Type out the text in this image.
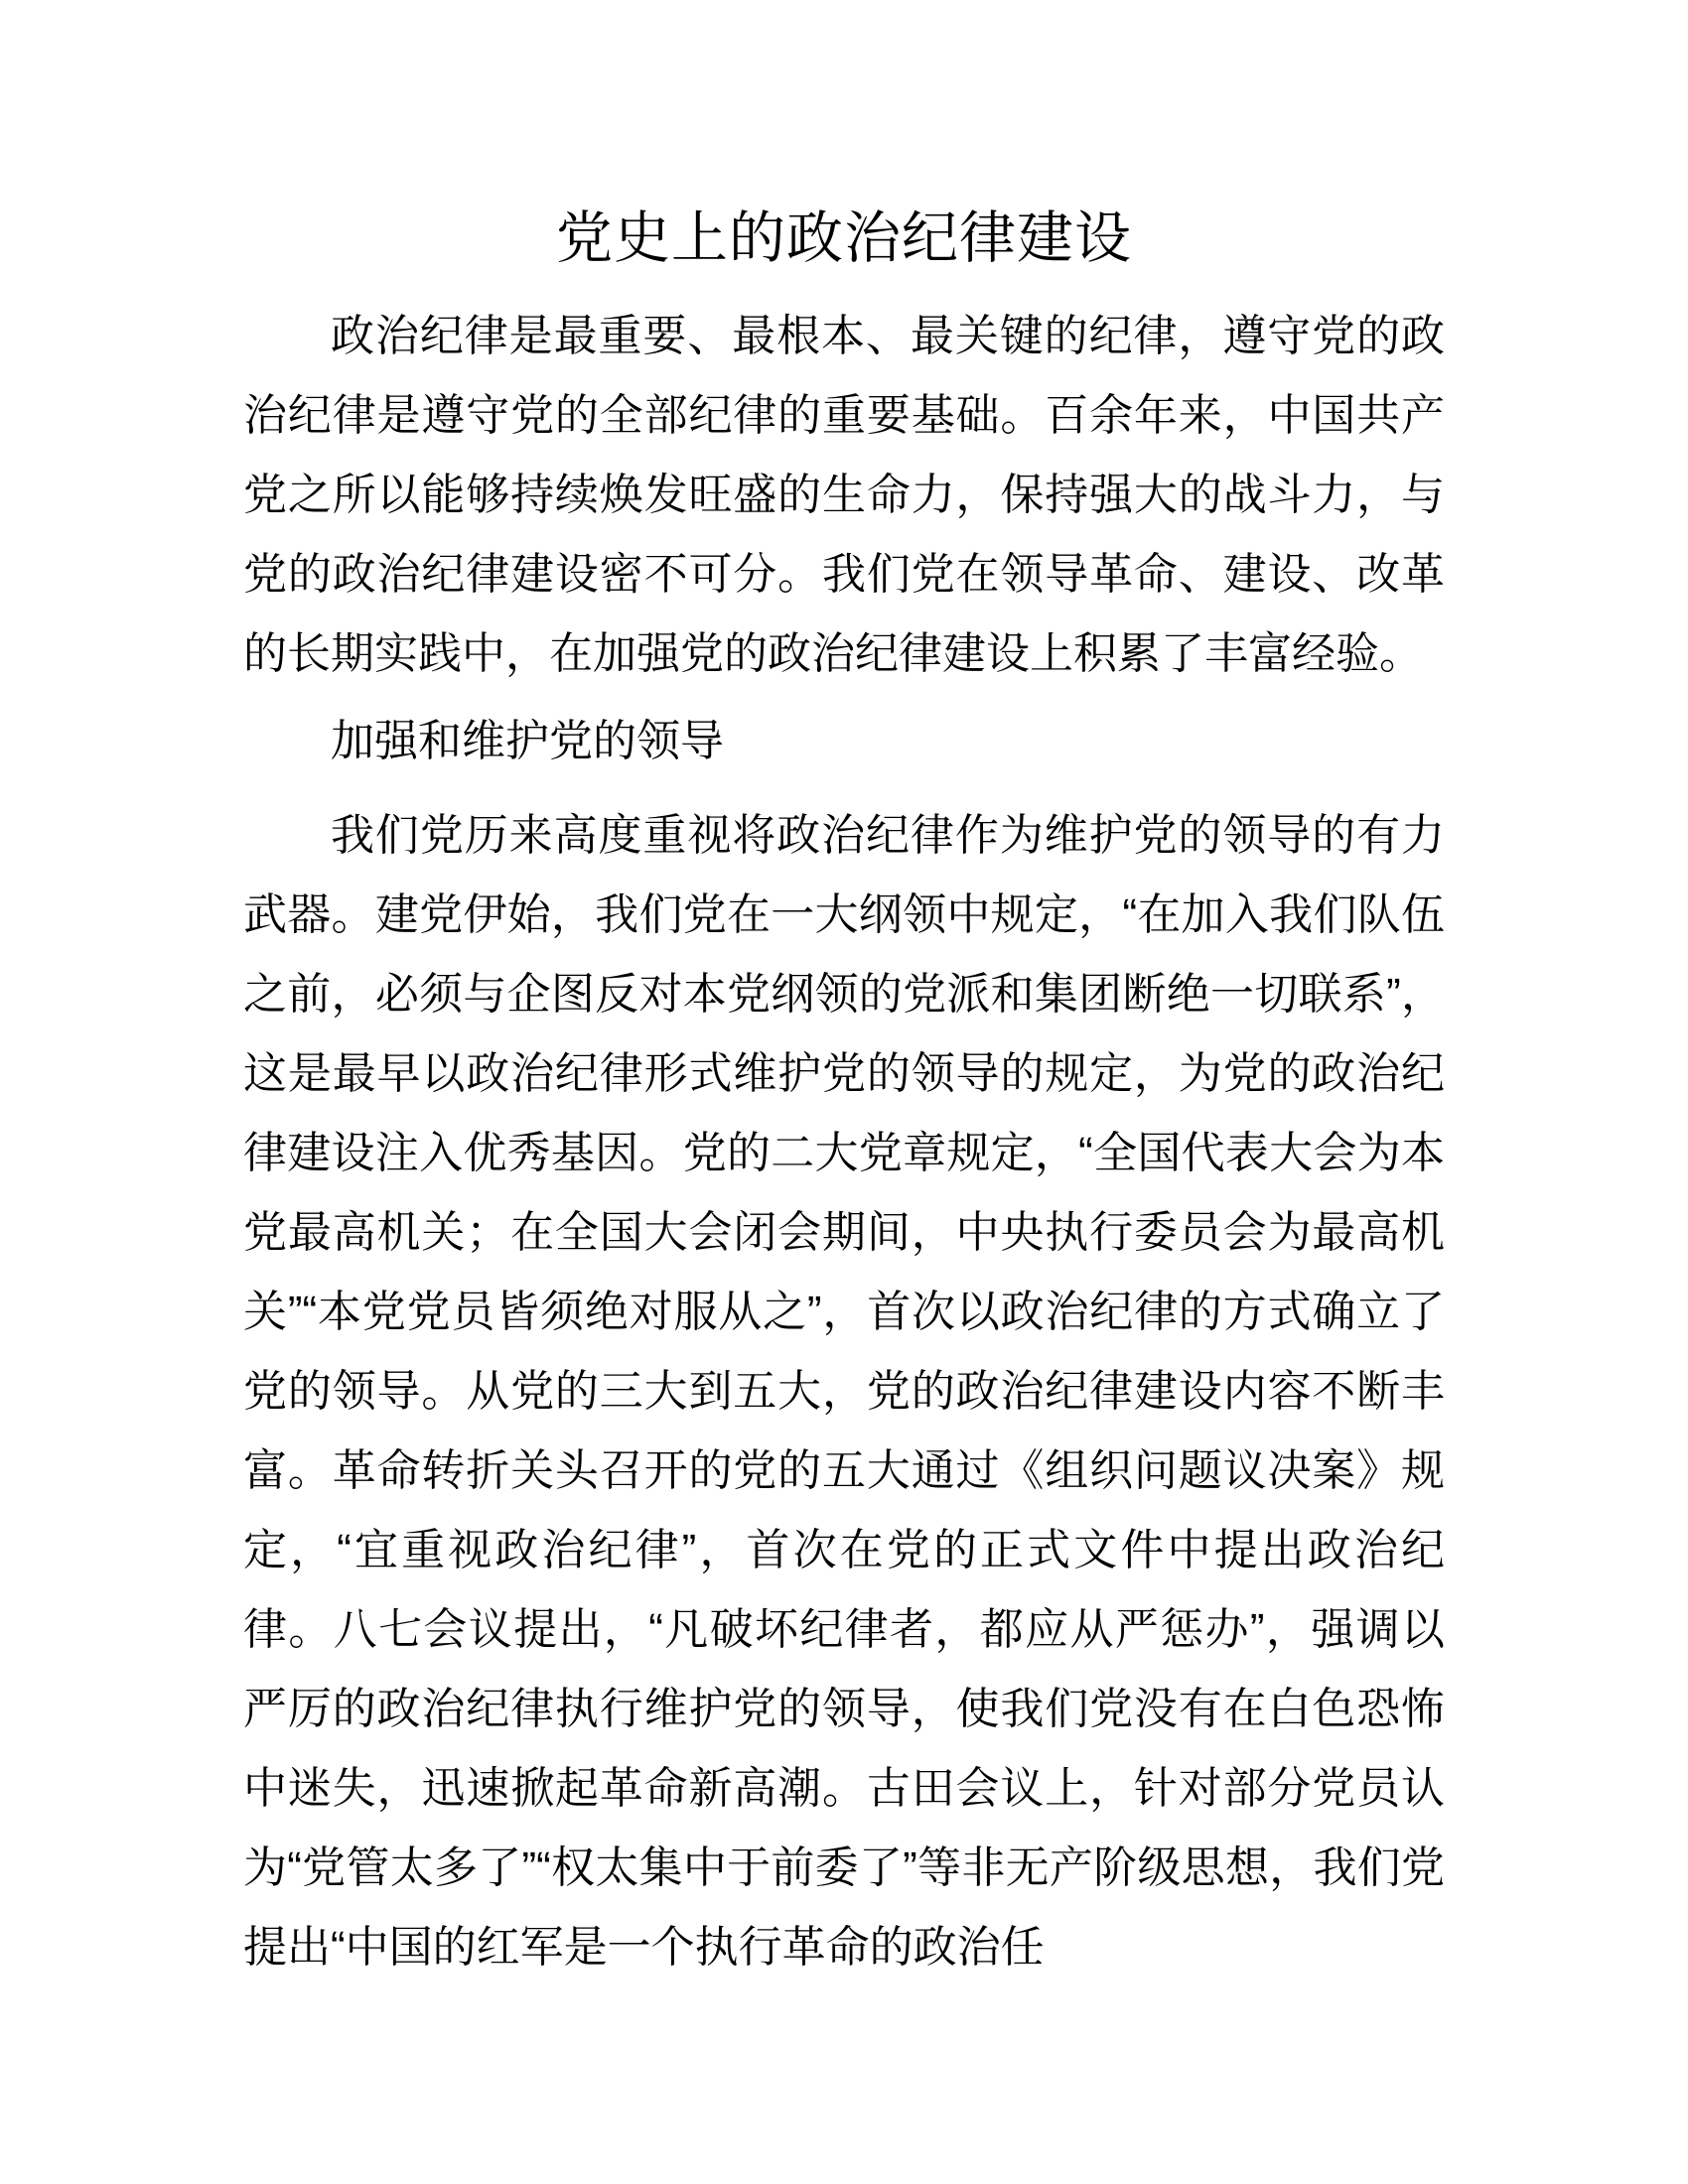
党史上的政治纪律建设

政治纪律是最重要、最根本、最关键的纪律，遵守党的政治纪律是遵守党的全部纪律的重要基础。百余年来，中国共产党之所以能够持续焕发旺盛的生命力，保持强大的战斗力，与党的政治纪律建设密不可分。我们党在领导革命、建设、改革的长期实践中，在加强党的政治纪律建设上积累了丰富经验。

加强和维护党的领导

我们党历来高度重视将政治纪律作为维护党的领导的有力武器。建党伊始，我们党在一大纲领中规定，“在加入我们队伍之前，必须与企图反对本党纲领的党派和集团断绝一切联系”，这是最早以政治纪律形式维护党的领导的规定，为党的政治纪律建设注入优秀基因。党的二大党章规定，“全国代表大会为本党最高机关；在全国大会闭会期间，中央执行委员会为最高机关”“本党党员皆须绝对服从之”，首次以政治纪律的方式确立了党的领导。从党的三大到五大，党的政治纪律建设内容不断丰富。革命转折关头召开的党的五大通过《组织问题议决案》规定，“宜重视政治纪律”，首次在党的正式文件中提出政治纪律。八七会议提出，“凡破坏纪律者，都应从严惩办”，强调以严厉的政治纪律执行维护党的领导，使我们党没有在白色恐怖中迷失，迅速掀起革命新高潮。古田会议上，针对部分党员认为“党管太多了”“权太集中于前委了”等非无产阶级思想，我们党提出“中国的红军是一个执行革命的政治任
